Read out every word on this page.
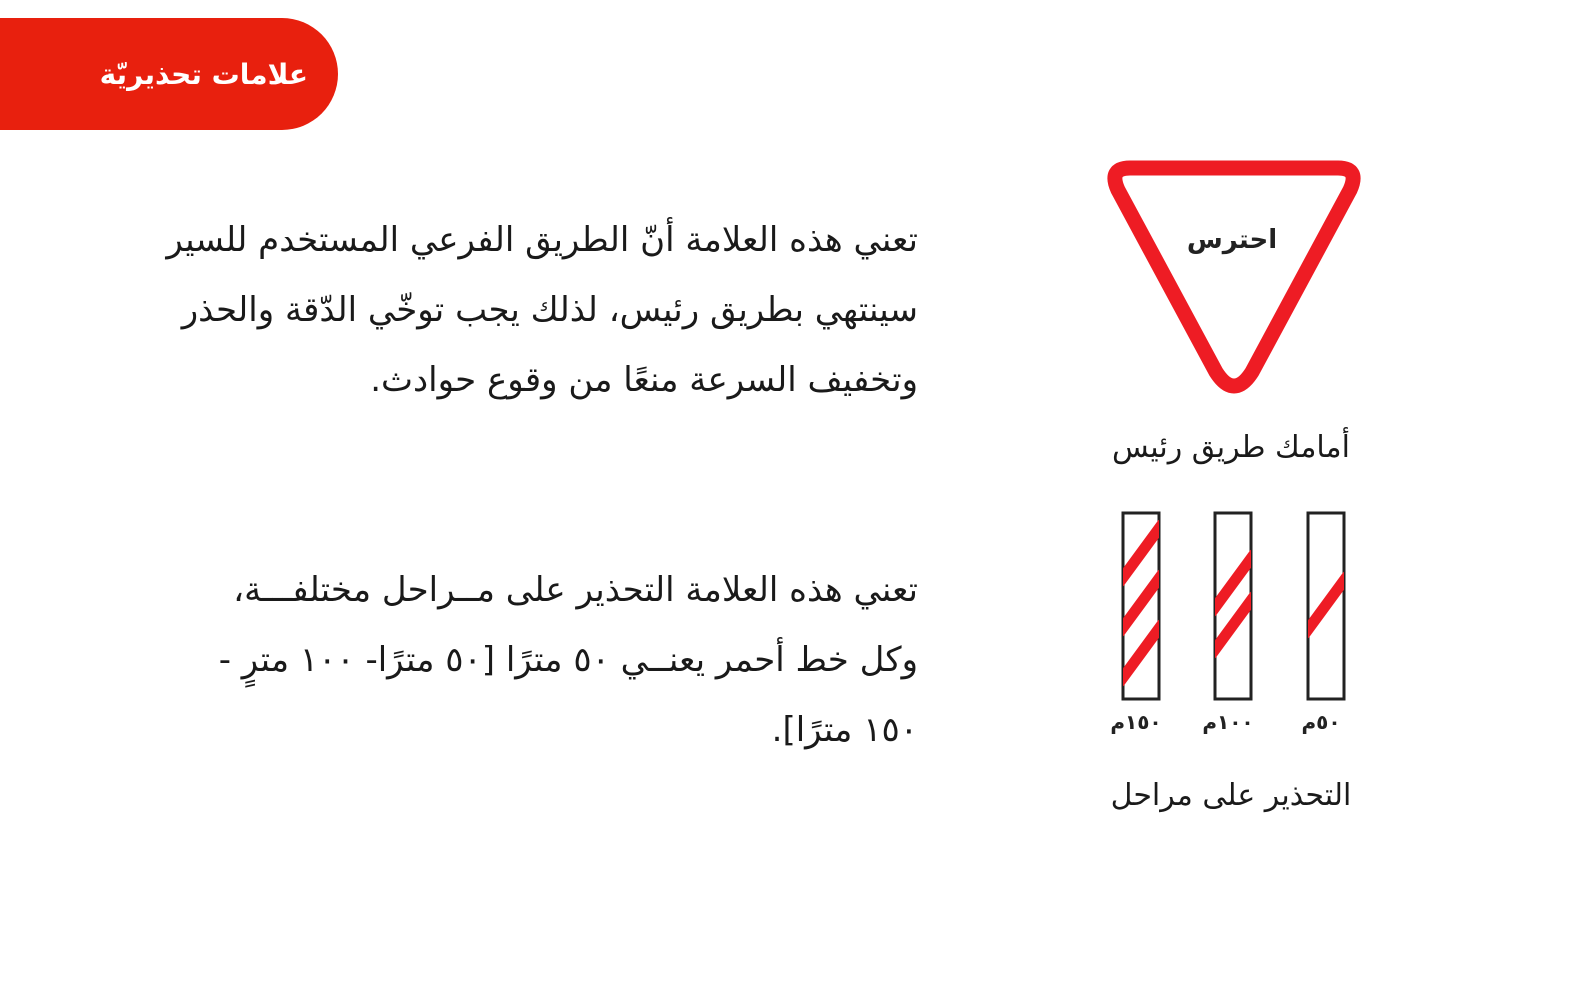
علامات تحذيريّة
تعني هذه العلامة أنّ الطريق الفرعي المستخدم للسير
سينتهي بطريق رئيس، لذلك يجب توخّي الدّقة والحذر
وتخفيف السرعة منعًا من وقوع حوادث.
تعني هذه العلامة التحذير على مــراحل مختلفـــة،
وكل خط أحمر يعنــي ٥٠ مترًا [٥٠ مترًا- ١٠٠ مترٍ -
١٥٠ مترًا].
احترس
أمامك طريق رئيس
١٥٠م	١٠٠م	٥٠م
التحذير على مراحل
